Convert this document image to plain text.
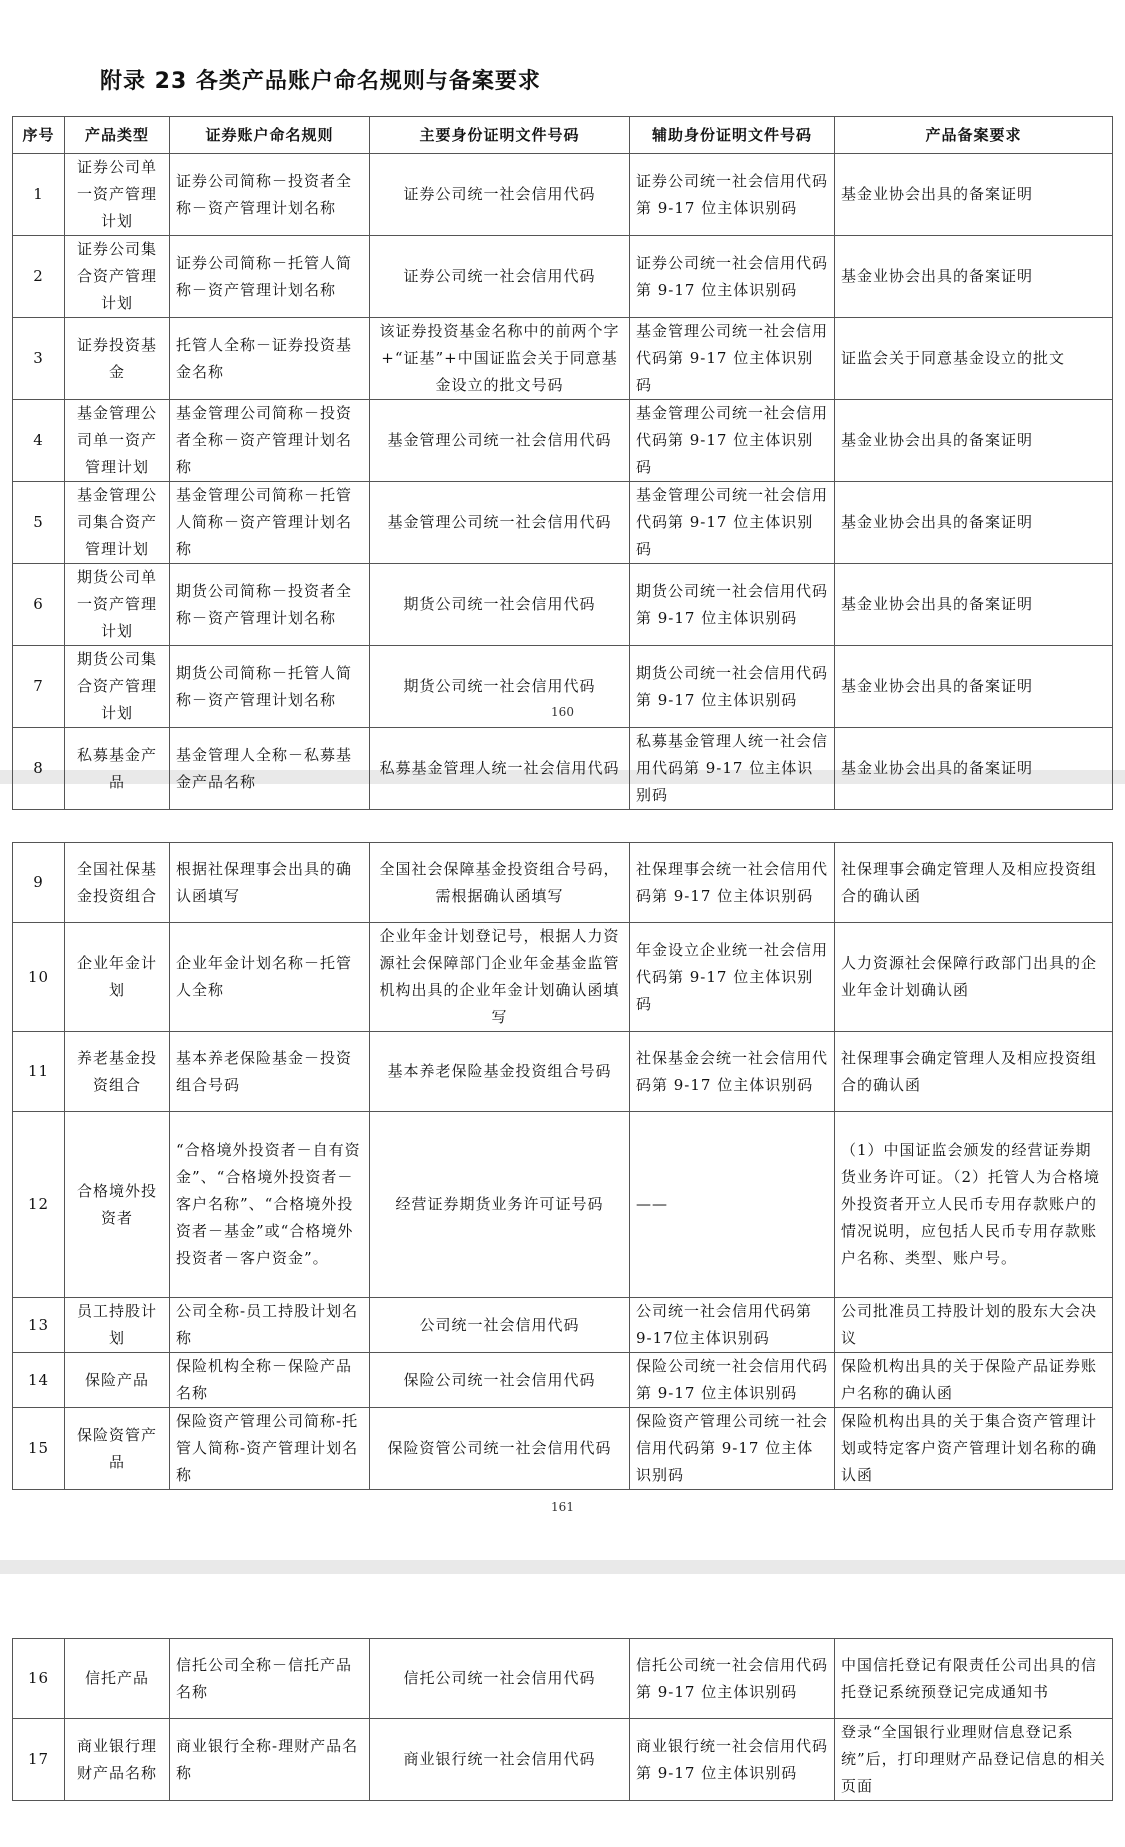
附录 23 各类产品账户命名规则与备案要求
序号	产品类型	证券账户命名规则	主要身份证明文件号码	辅助身份证明文件号码	产品备案要求
1	证券公司单一资产管理计划	证券公司简称－投资者全称－资产管理计划名称	证券公司统一社会信用代码	证券公司统一社会信用代码第 9-17 位主体识别码	基金业协会出具的备案证明
2	证券公司集合资产管理计划	证券公司简称－托管人简称－资产管理计划名称	证券公司统一社会信用代码	证券公司统一社会信用代码第 9-17 位主体识别码	基金业协会出具的备案证明
3	证券投资基金	托管人全称－证券投资基金名称	该证券投资基金名称中的前两个字+“证基”+中国证监会关于同意基金设立的批文号码	基金管理公司统一社会信用代码第 9-17 位主体识别码	证监会关于同意基金设立的批文
4	基金管理公司单一资产管理计划	基金管理公司简称－投资者全称－资产管理计划名称	基金管理公司统一社会信用代码	基金管理公司统一社会信用代码第 9-17 位主体识别码	基金业协会出具的备案证明
5	基金管理公司集合资产管理计划	基金管理公司简称－托管人简称－资产管理计划名称	基金管理公司统一社会信用代码	基金管理公司统一社会信用代码第 9-17 位主体识别码	基金业协会出具的备案证明
6	期货公司单一资产管理计划	期货公司简称－投资者全称－资产管理计划名称	期货公司统一社会信用代码	期货公司统一社会信用代码第 9-17 位主体识别码	基金业协会出具的备案证明
7	期货公司集合资产管理计划	期货公司简称－托管人简称－资产管理计划名称	期货公司统一社会信用代码	期货公司统一社会信用代码第 9-17 位主体识别码	基金业协会出具的备案证明
8	私募基金产品	基金管理人全称－私募基金产品名称	私募基金管理人统一社会信用代码	私募基金管理人统一社会信用代码第 9-17 位主体识别码	基金业协会出具的备案证明
160
9	全国社保基金投资组合	根据社保理事会出具的确认函填写	全国社会保障基金投资组合号码，需根据确认函填写	社保理事会统一社会信用代码第 9-17 位主体识别码	社保理事会确定管理人及相应投资组合的确认函
10	企业年金计划	企业年金计划名称－托管人全称	企业年金计划登记号，根据人力资源社会保障部门企业年金基金监管机构出具的企业年金计划确认函填写	年金设立企业统一社会信用代码第 9-17 位主体识别码	人力资源社会保障行政部门出具的企业年金计划确认函
11	养老基金投资组合	基本养老保险基金－投资组合号码	基本养老保险基金投资组合号码	社保基金会统一社会信用代码第 9-17 位主体识别码	社保理事会确定管理人及相应投资组合的确认函
12	合格境外投资者	“合格境外投资者－自有资金”、“合格境外投资者－客户名称”、“合格境外投资者－基金”或“合格境外投资者－客户资金”。	经营证券期货业务许可证号码	——	（1）中国证监会颁发的经营证券期货业务许可证。（2）托管人为合格境外投资者开立人民币专用存款账户的情况说明，应包括人民币专用存款账户名称、类型、账户号。
13	员工持股计划	公司全称-员工持股计划名称	公司统一社会信用代码	公司统一社会信用代码第 9-17位主体识别码	公司批准员工持股计划的股东大会决议
14	保险产品	保险机构全称－保险产品名称	保险公司统一社会信用代码	保险公司统一社会信用代码第 9-17 位主体识别码	保险机构出具的关于保险产品证券账户名称的确认函
15	保险资管产品	保险资产管理公司简称-托管人简称-资产管理计划名称	保险资管公司统一社会信用代码	保险资产管理公司统一社会信用代码第 9-17 位主体识别码	保险机构出具的关于集合资产管理计划或特定客户资产管理计划名称的确认函
161
16	信托产品	信托公司全称－信托产品名称	信托公司统一社会信用代码	信托公司统一社会信用代码第 9-17 位主体识别码	中国信托登记有限责任公司出具的信托登记系统预登记完成通知书
17	商业银行理财产品名称	商业银行全称-理财产品名称	商业银行统一社会信用代码	商业银行统一社会信用代码第 9-17 位主体识别码	登录“全国银行业理财信息登记系统”后，打印理财产品登记信息的相关页面
